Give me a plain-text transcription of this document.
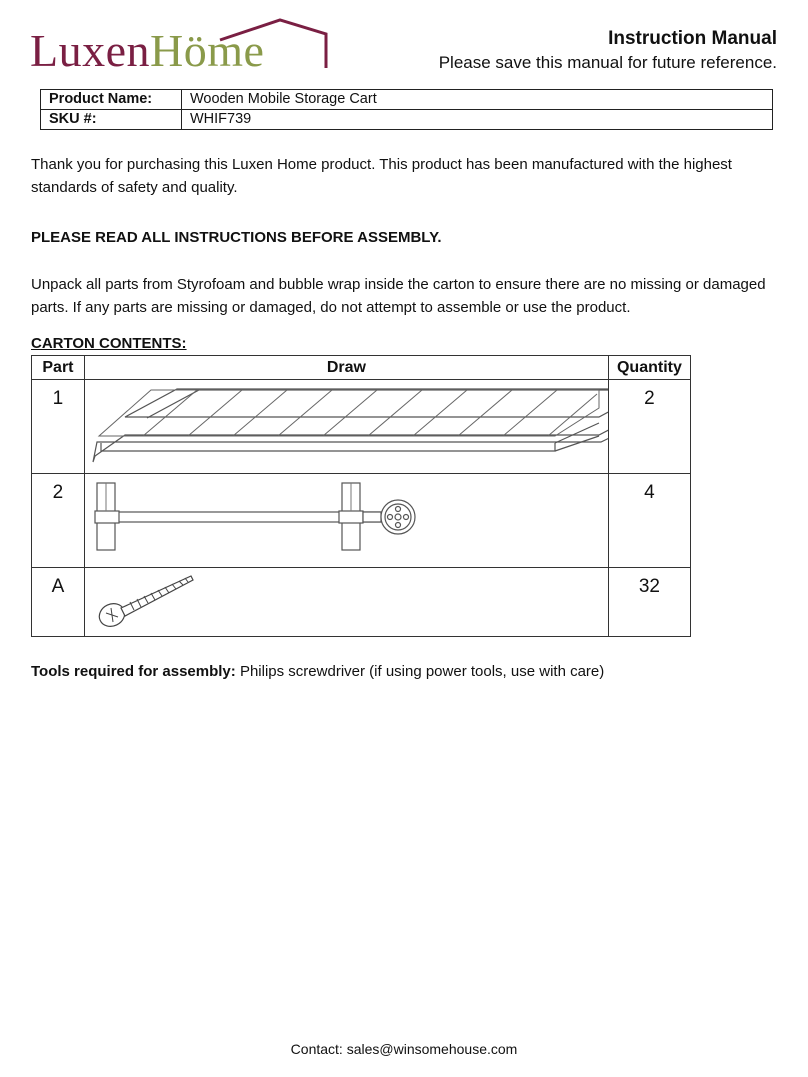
LuxenHöme	Instruction Manual
Please save this manual for future reference.
Product Name:	Wooden Mobile Storage Cart
SKU #:	WHIF739
Thank you for purchasing this Luxen Home product. This product has been manufactured with the highest standards of safety and quality.
PLEASE READ ALL INSTRUCTIONS BEFORE ASSEMBLY.
Unpack all parts from Styrofoam and bubble wrap inside the carton to ensure there are no missing or damaged parts. If any parts are missing or damaged, do not attempt to assemble or use the product.
CARTON CONTENTS:
Part	Draw	Quantity

1		2

2		4

A		32
Tools required for assembly: Philips screwdriver (if using power tools, use with care)
Contact: sales@winsomehouse.com
